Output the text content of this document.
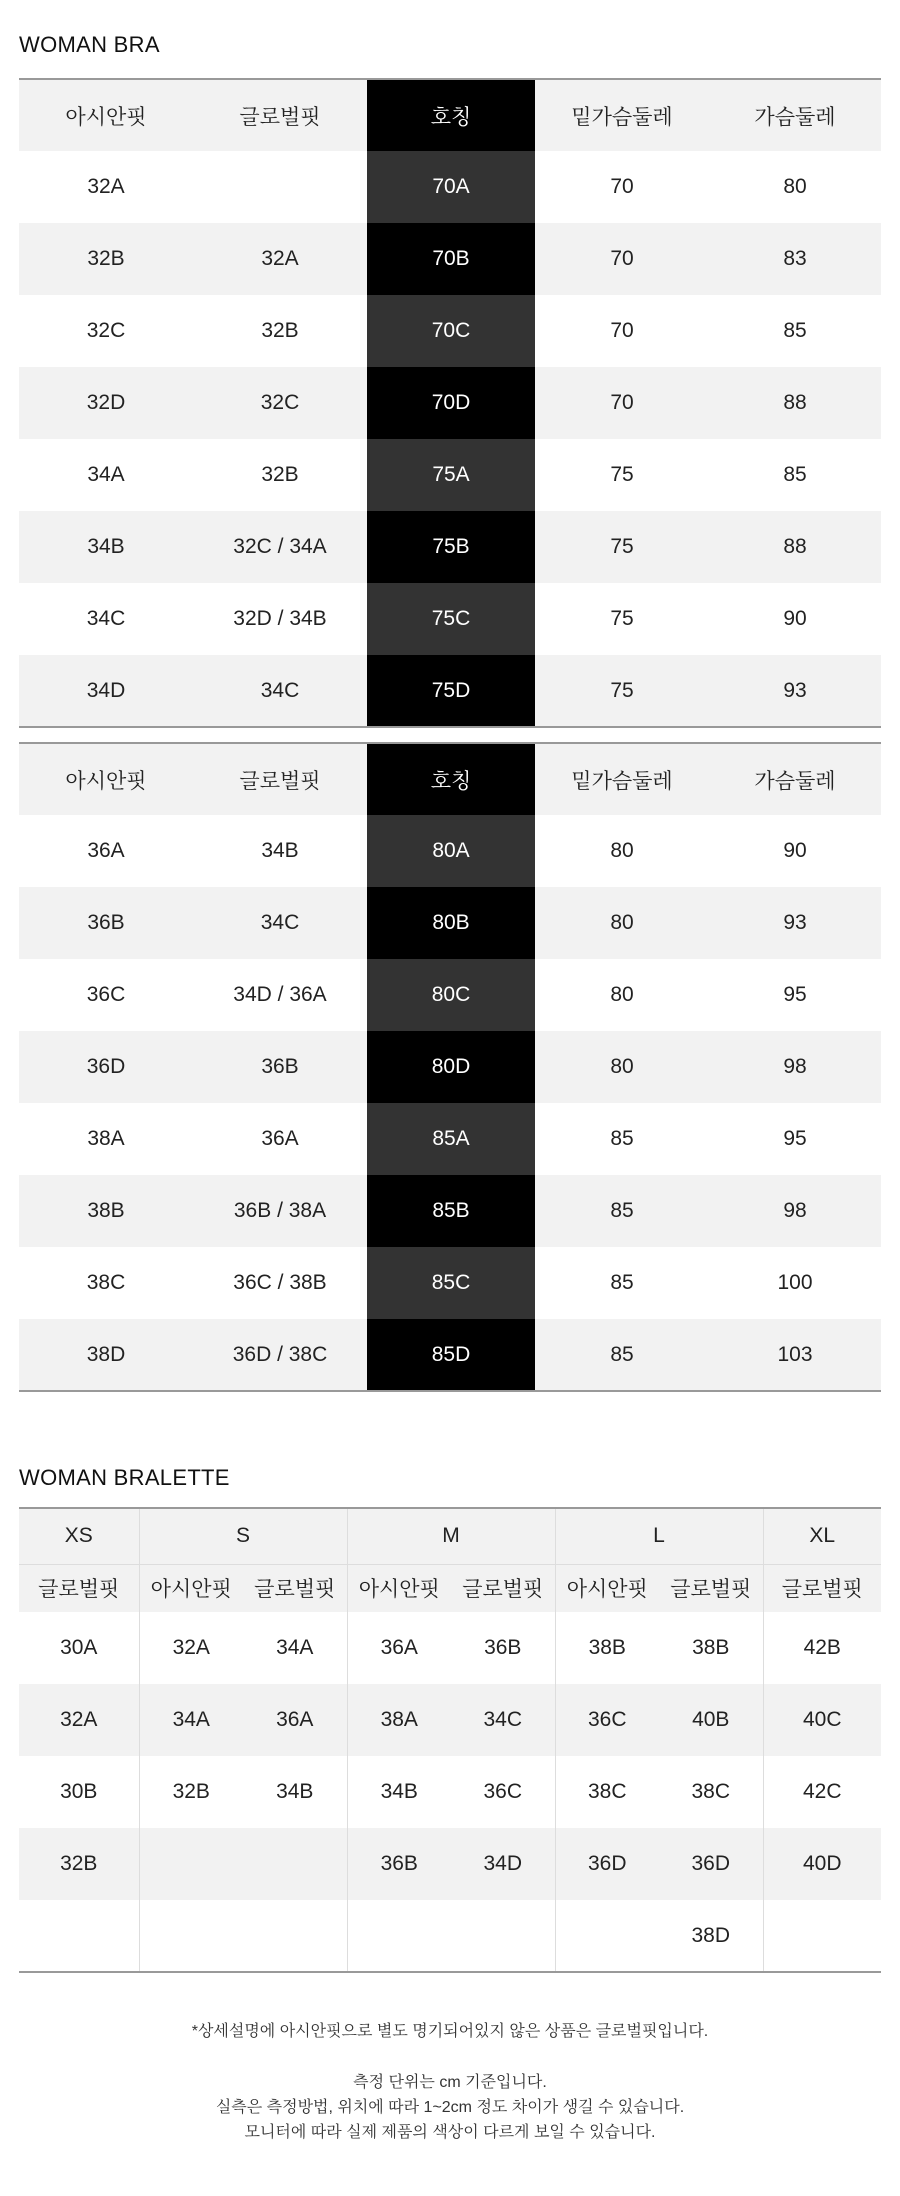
WOMAN BRA
아시안핏	글로벌핏	호칭	밑가슴둘레	가슴둘레
32A		70A	70	80
32B	32A	70B	70	83
32C	32B	70C	70	85
32D	32C	70D	70	88
34A	32B	75A	75	85
34B	32C / 34A	75B	75	88
34C	32D / 34B	75C	75	90
34D	34C	75D	75	93
아시안핏	글로벌핏	호칭	밑가슴둘레	가슴둘레
36A	34B	80A	80	90
36B	34C	80B	80	93
36C	34D / 36A	80C	80	95
36D	36B	80D	80	98
38A	36A	85A	85	95
38B	36B / 38A	85B	85	98
38C	36C / 38B	85C	85	100
38D	36D / 38C	85D	85	103
WOMAN BRALETTE
XS	S		M		L		XL
글로벌핏	아시안핏	글로벌핏	아시안핏	글로벌핏	아시안핏	글로벌핏	글로벌핏
30A	32A	34A	36A	36B	38B	38B	42B
32A	34A	36A	38A	34C	36C	40B	40C
30B	32B	34B	34B	36C	38C	38C	42C
32B			36B	34D	36D	36D	40D
						38D	
*상세설명에 아시안핏으로 별도 명기되어있지 않은 상품은 글로벌핏입니다.
측정 단위는 cm 기준입니다.
실측은 측정방법, 위치에 따라 1~2cm 정도 차이가 생길 수 있습니다.
모니터에 따라 실제 제품의 색상이 다르게 보일 수 있습니다.
